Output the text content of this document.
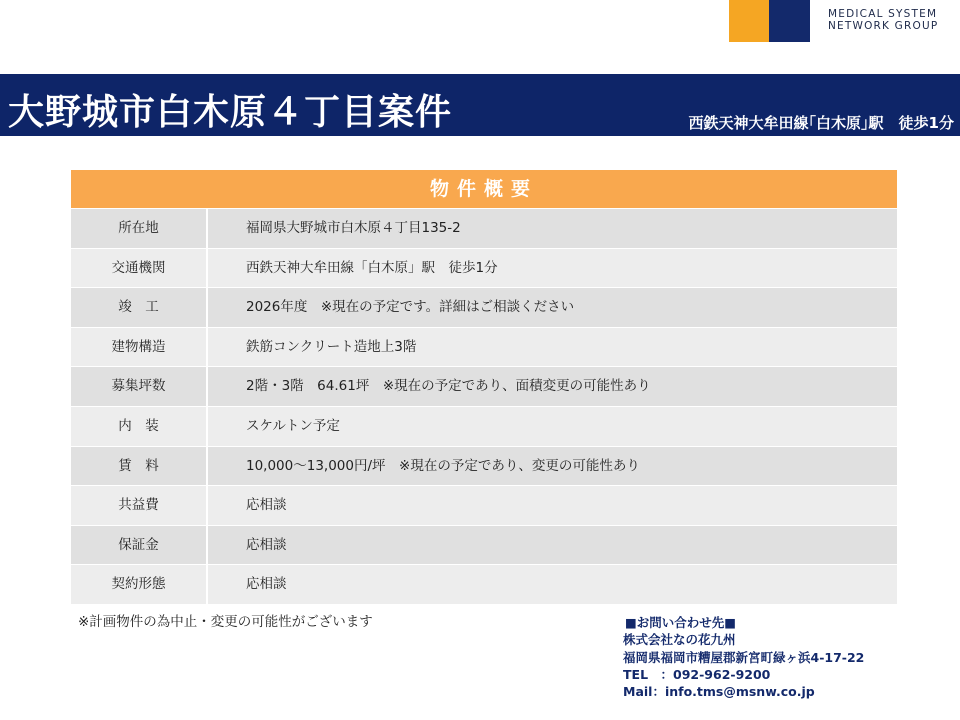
MEDICAL SYSTEM
NETWORK GROUP
大野城市白木原４丁目案件	西鉄天神大牟田線｢白木原｣駅　徒歩1分
物件概要
所在地	福岡県大野城市白木原４丁目135-2
交通機関	西鉄天神大牟田線「白木原」駅　徒歩1分
竣　工	2026年度　※現在の予定です。詳細はご相談ください
建物構造	鉄筋コンクリート造地上3階
募集坪数	2階・3階　64.61坪　※現在の予定であり、面積変更の可能性あり
内　装	スケルトン予定
賃　料	10,000～13,000円/坪　※現在の予定であり、変更の可能性あり
共益費	応相談
保証金	応相談
契約形態	応相談
※計画物件の為中止・変更の可能性がございます	■お問い合わせ先■
株式会社なの花九州
福岡県福岡市糟屋郡新宮町緑ヶ浜4-17-22
TEL　：092-962-9200
Mail：info.tms@msnw.co.jp
